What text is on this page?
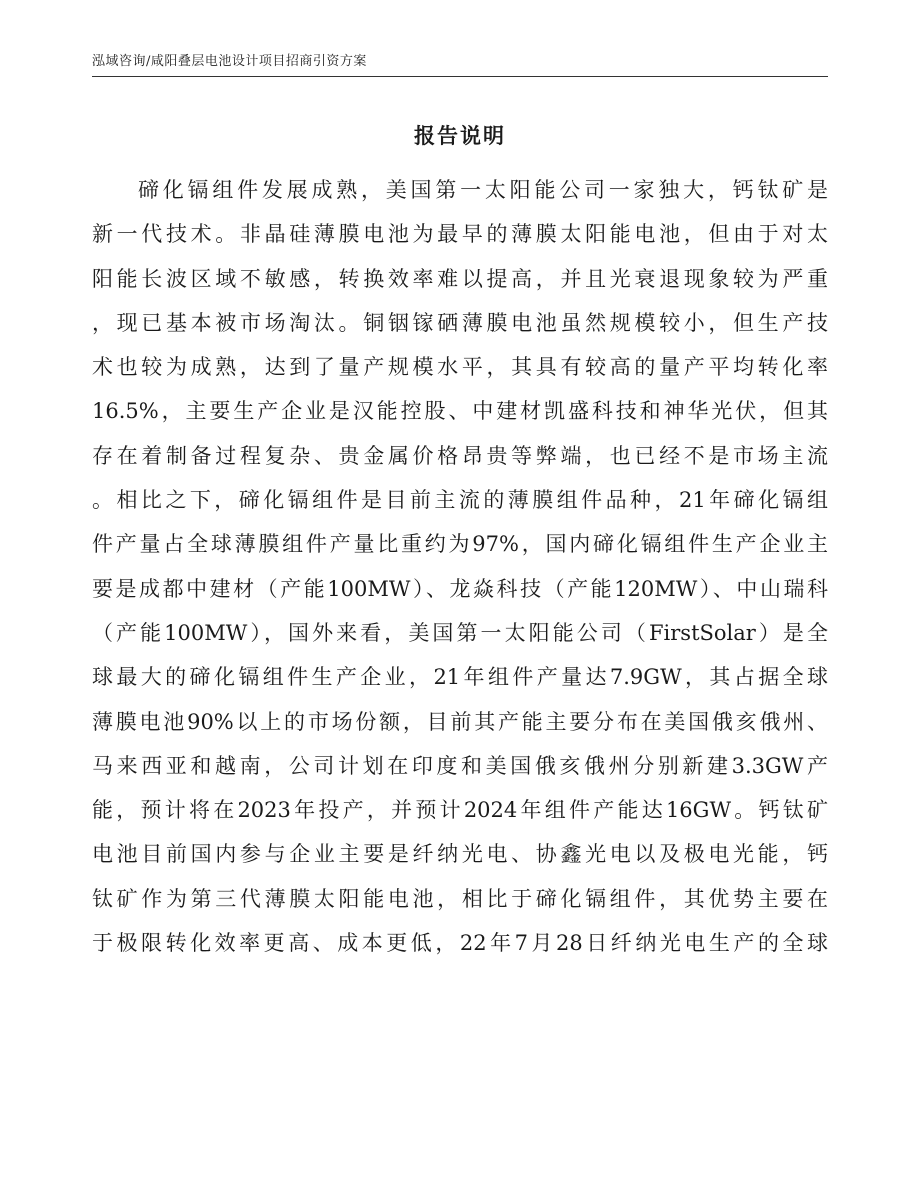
泓域咨询/咸阳叠层电池设计项目招商引资方案
报告说明
碲化镉组件发展成熟，美国第一太阳能公司一家独大，钙钛矿是
新一代技术。非晶硅薄膜电池为最早的薄膜太阳能电池，但由于对太
阳能长波区域不敏感，转换效率难以提高，并且光衰退现象较为严重
，现已基本被市场淘汰。铜铟镓硒薄膜电池虽然规模较小，但生产技
术也较为成熟，达到了量产规模水平，其具有较高的量产平均转化率
16.5%，主要生产企业是汉能控股、中建材凯盛科技和神华光伏，但其
存在着制备过程复杂、贵金属价格昂贵等弊端，也已经不是市场主流
。相比之下，碲化镉组件是目前主流的薄膜组件品种，21年碲化镉组
件产量占全球薄膜组件产量比重约为97%，国内碲化镉组件生产企业主
要是成都中建材（产能100MW）、龙焱科技（产能120MW）、中山瑞科
（产能100MW），国外来看，美国第一太阳能公司（FirstSolar）是全
球最大的碲化镉组件生产企业，21年组件产量达7.9GW，其占据全球
薄膜电池90%以上的市场份额，目前其产能主要分布在美国俄亥俄州、
马来西亚和越南，公司计划在印度和美国俄亥俄州分别新建3.3GW产
能，预计将在2023年投产，并预计2024年组件产能达16GW。钙钛矿
电池目前国内参与企业主要是纤纳光电、协鑫光电以及极电光能，钙
钛矿作为第三代薄膜太阳能电池，相比于碲化镉组件，其优势主要在
于极限转化效率更高、成本更低，22年7月28日纤纳光电生产的全球
